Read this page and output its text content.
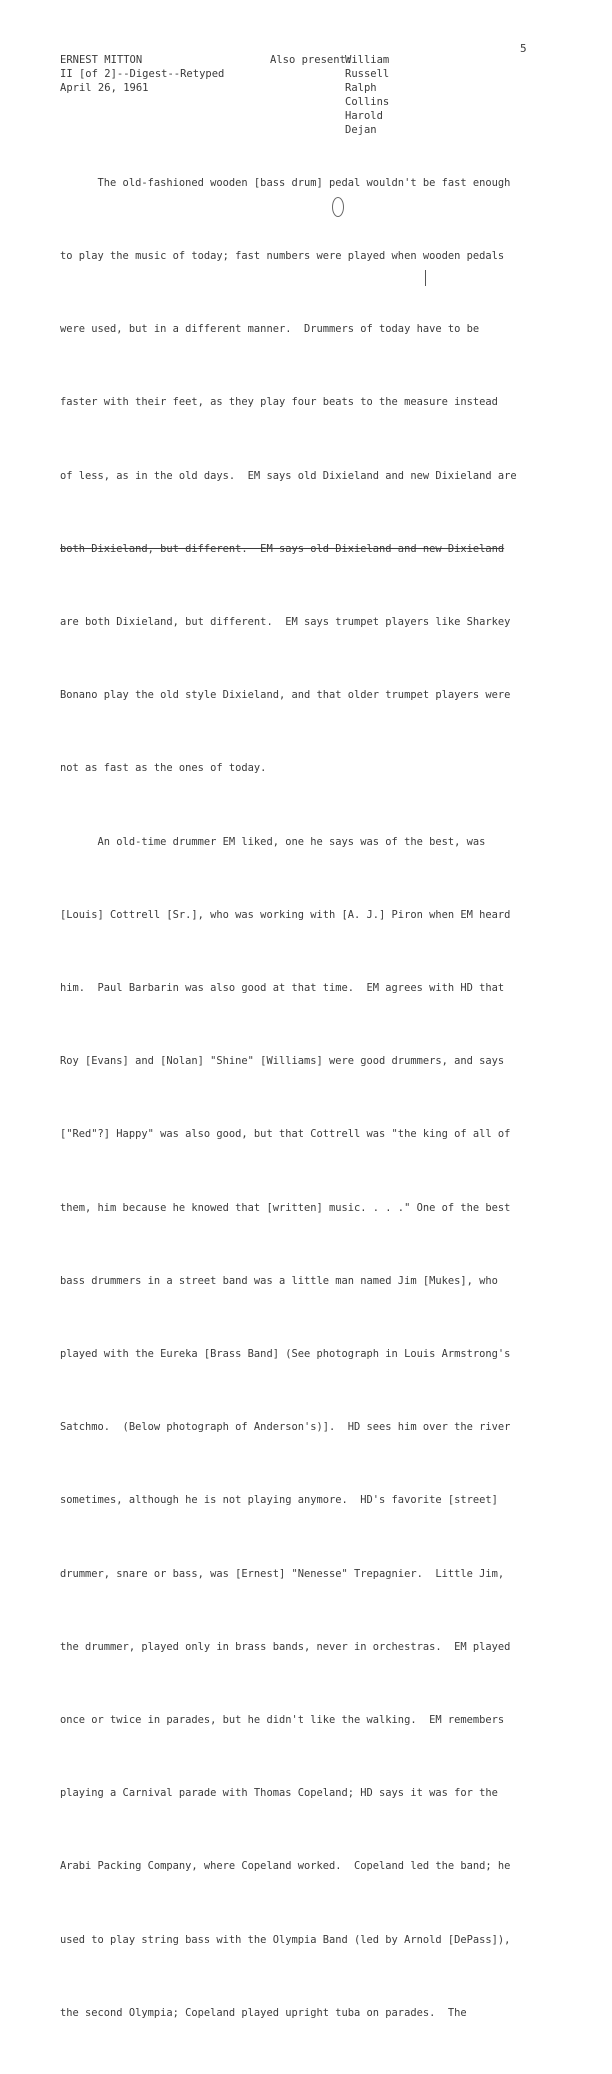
5
ERNEST MITTON
II [of 2]--Digest--Retyped
April 26, 1961
Also present:
William Russell
Ralph Collins
Harold Dejan

The old-fashioned wooden [bass drum] pedal wouldn't be fast enough

to play the music of today; fast numbers were played when wooden pedals

were used, but in a different manner.  Drummers of today have to be

faster with their feet, as they play four beats to the measure instead

of less, as in the old days.  EM says old Dixieland and new Dixieland are

both Dixieland, but different.  EM says old Dixieland and new Dixieland

are both Dixieland, but different.  EM says trumpet players like Sharkey

Bonano play the old style Dixieland, and that older trumpet players were

not as fast as the ones of today.

An old-time drummer EM liked, one he says was of the best, was

[Louis] Cottrell [Sr.], who was working with [A. J.] Piron when EM heard

him.  Paul Barbarin was also good at that time.  EM agrees with HD that

Roy [Evans] and [Nolan] "Shine" [Williams] were good drummers, and says

["Red"?] Happy" was also good, but that Cottrell was "the king of all of

them, him because he knowed that [written] music. . . ." One of the best

bass drummers in a street band was a little man named Jim [Mukes], who

played with the Eureka [Brass Band] (See photograph in Louis Armstrong's

Satchmo.  (Below photograph of Anderson's)].  HD sees him over the river

sometimes, although he is not playing anymore.  HD's favorite [street]

drummer, snare or bass, was [Ernest] "Nenesse" Trepagnier.  Little Jim,

the drummer, played only in brass bands, never in orchestras.  EM played

once or twice in parades, but he didn't like the walking.  EM remembers

playing a Carnival parade with Thomas Copeland; HD says it was for the

Arabi Packing Company, where Copeland worked.  Copeland led the band; he

used to play string bass with the Olympia Band (led by Arnold [DePass]),

the second Olympia; Copeland played upright tuba on parades.  The
